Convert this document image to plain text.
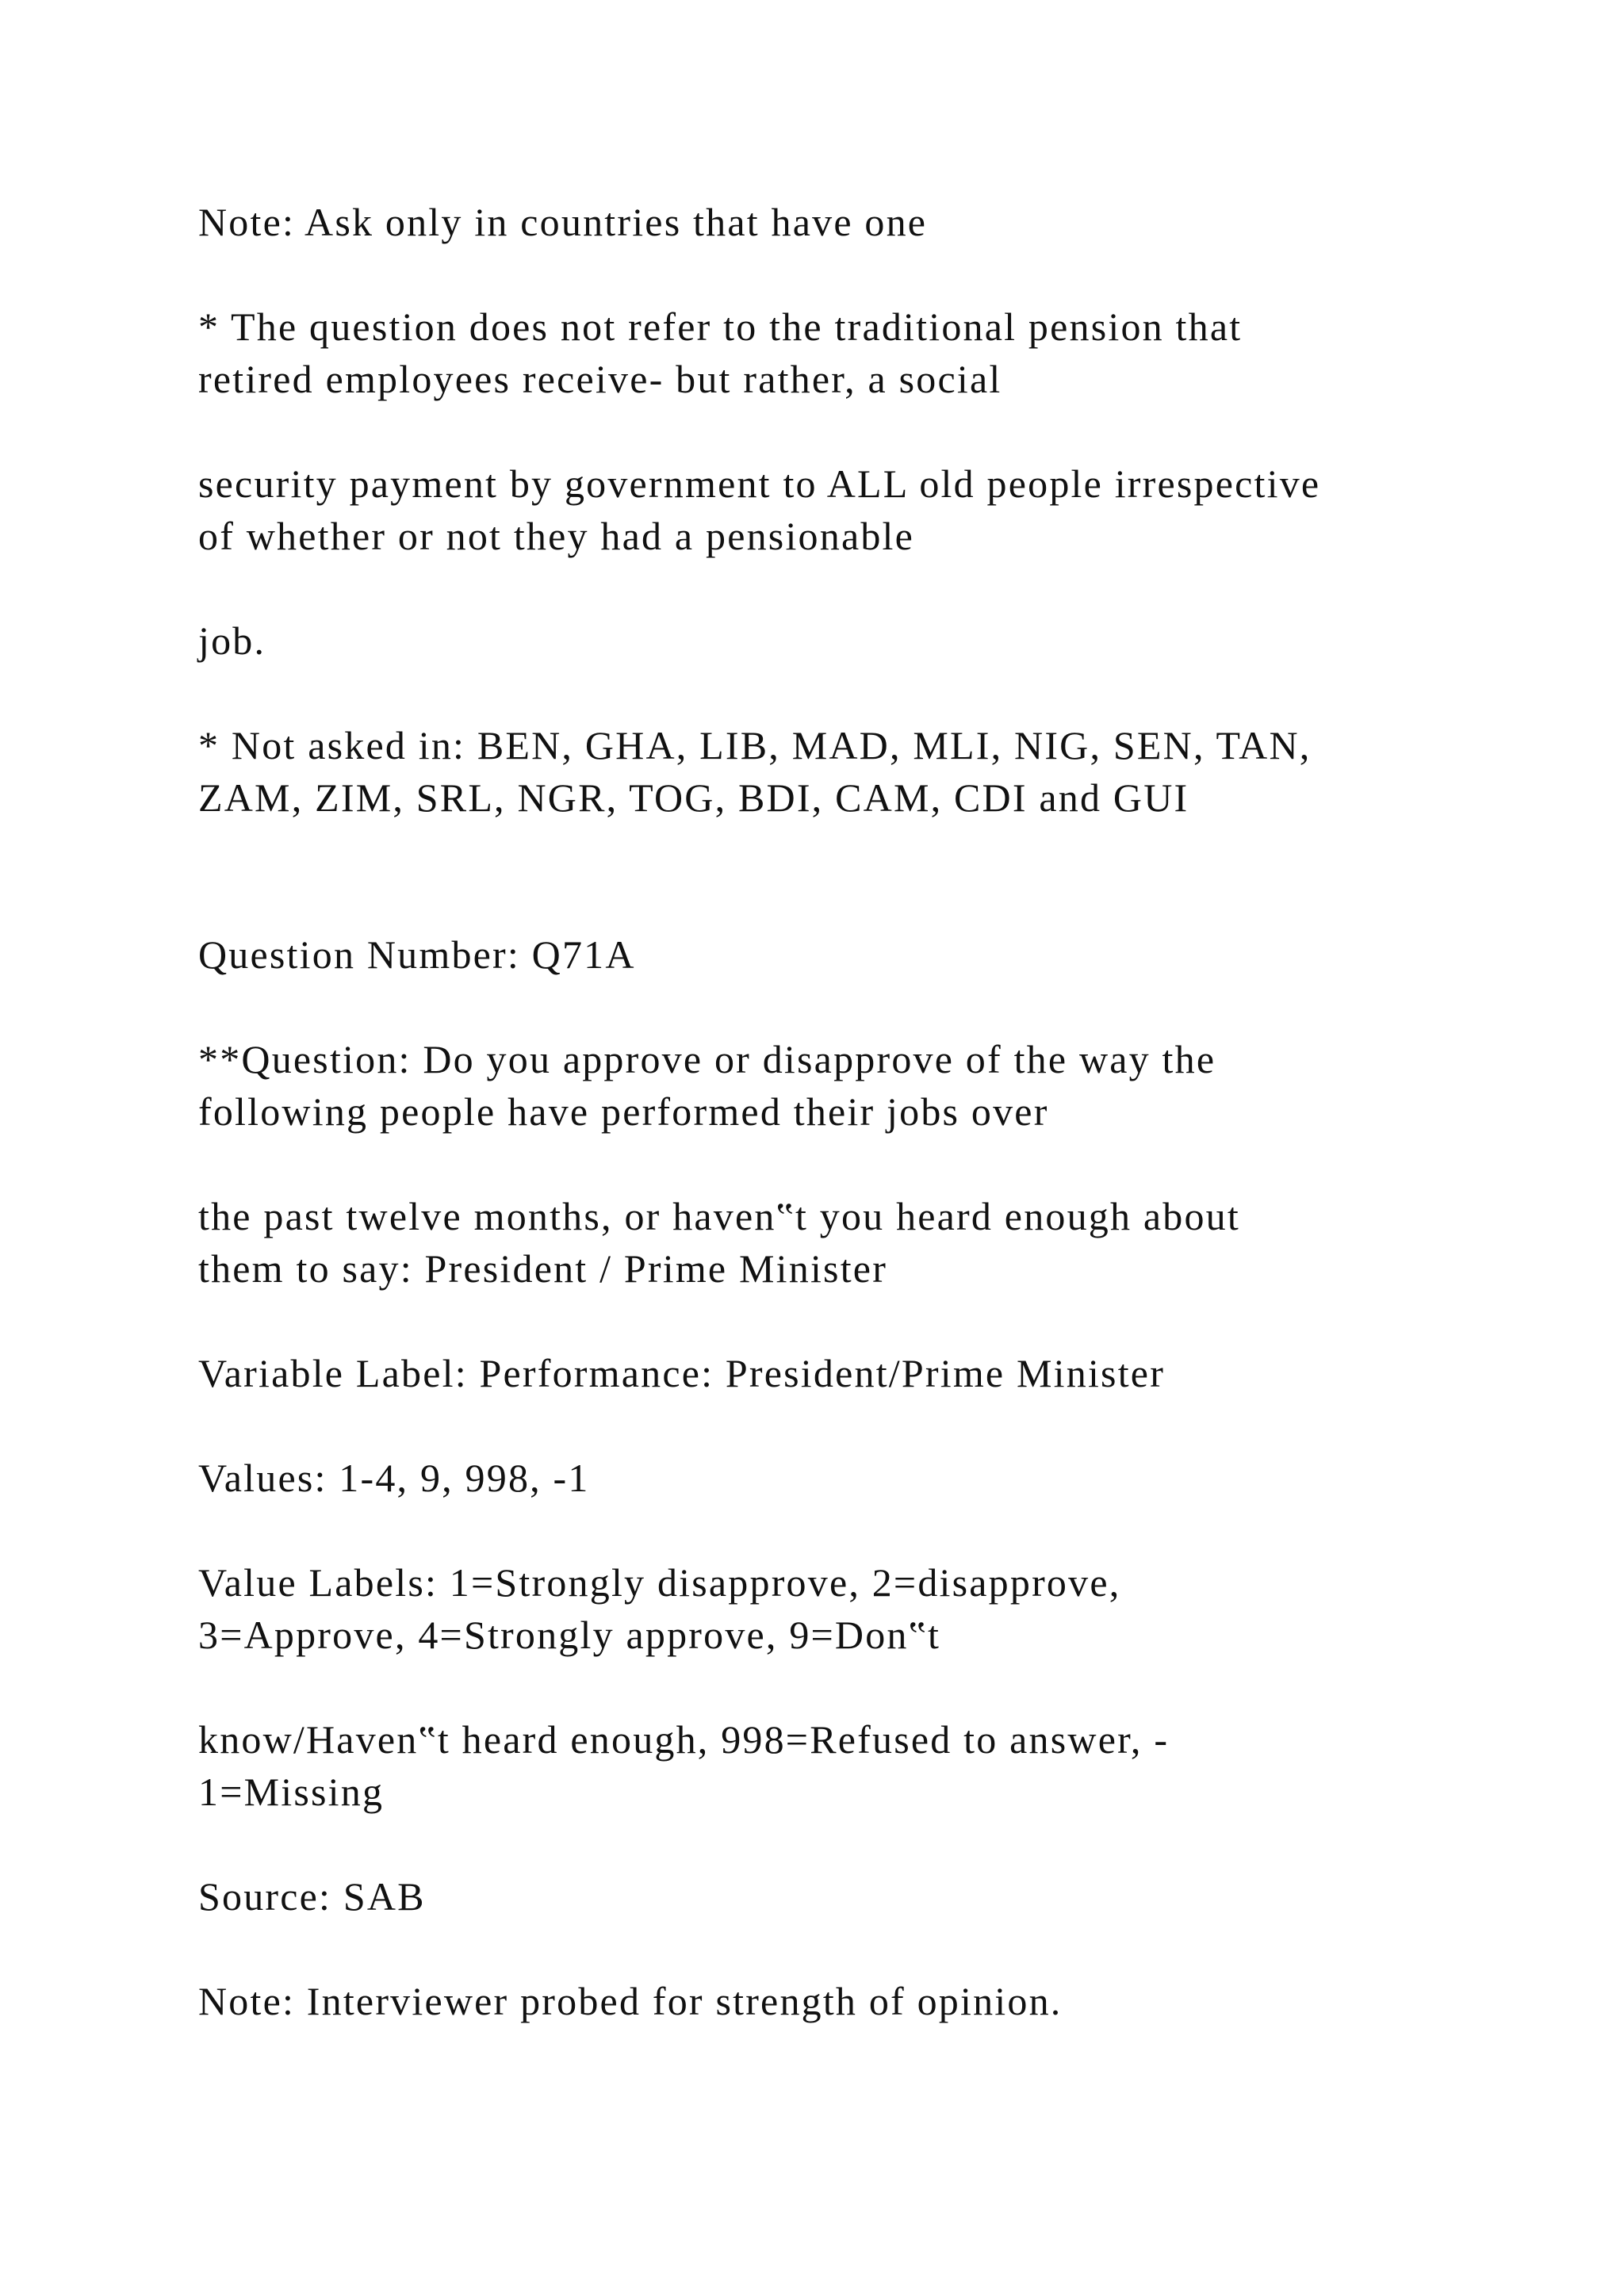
Note: Ask only in countries that have one

* The question does not refer to the traditional pension that

retired employees receive- but rather, a social

security payment by government to ALL old people irrespective

of whether or not they had a pensionable

job.

* Not asked in: BEN, GHA, LIB, MAD, MLI, NIG, SEN, TAN,

ZAM, ZIM, SRL, NGR, TOG, BDI, CAM, CDI and GUI

Question Number: Q71A

**Question: Do you approve or disapprove of the way the

following people have performed their jobs over

the past twelve months, or haven‟t you heard enough about

them to say: President / Prime Minister

Variable Label: Performance: President/Prime Minister

Values: 1-4, 9, 998, -1

Value Labels: 1=Strongly disapprove, 2=disapprove,

3=Approve, 4=Strongly approve, 9=Don‟t

know/Haven‟t heard enough, 998=Refused to answer, -

1=Missing

Source: SAB

Note: Interviewer probed for strength of opinion.
